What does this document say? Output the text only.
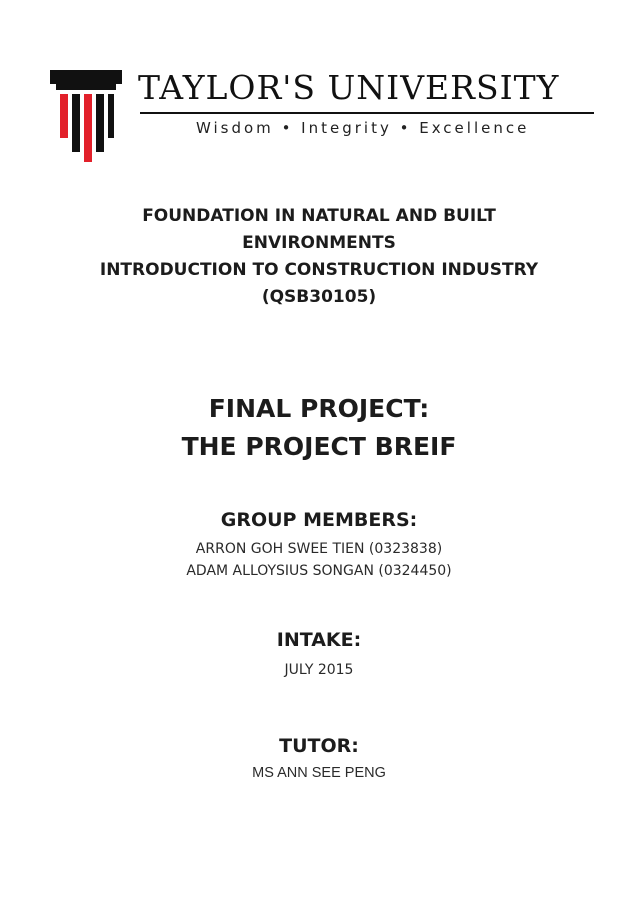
TAYLOR'S UNIVERSITY
Wisdom • Integrity • Excellence
FOUNDATION IN NATURAL AND BUILT
ENVIRONMENTS
INTRODUCTION TO CONSTRUCTION INDUSTRY
(QSB30105)
FINAL PROJECT:
THE PROJECT BREIF
GROUP MEMBERS:
ARRON GOH SWEE TIEN (0323838)
ADAM ALLOYSIUS SONGAN (0324450)
INTAKE:
JULY 2015
TUTOR:
MS ANN SEE PENG
